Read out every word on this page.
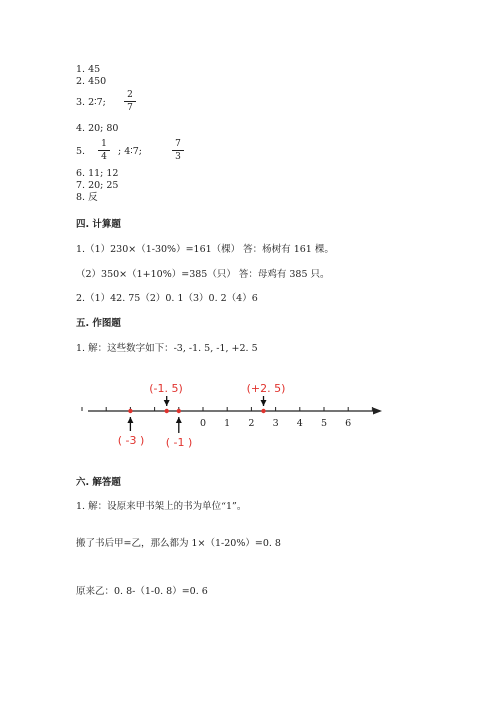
1. 45
2. 450
3. 2∶7;
2
7
4. 20; 80
5.
1
4	; 4∶7;
7
3
6. 11; 12
7. 20; 25
8. 反
四. 计算题
1.（1）230×（1-30%）=161（棵） 答：杨树有 161 棵。
（2）350×（1+10%）=385（只） 答：母鸡有 385 只。
2.（1）42. 75（2）0. 1（3）0. 2（4）6
五. 作图题
1. 解：这些数字如下：-3, -1. 5, -1, +2. 5
0 1 2 3 4 5 6
(-1. 5)	(+2. 5)
( -3 ) ( -1 )
六. 解答题
1. 解：设原来甲书架上的书为单位“1”。
搬了书后甲=乙，那么都为 1×（1-20%）=0. 8
原来乙：0. 8-（1-0. 8）=0. 6
